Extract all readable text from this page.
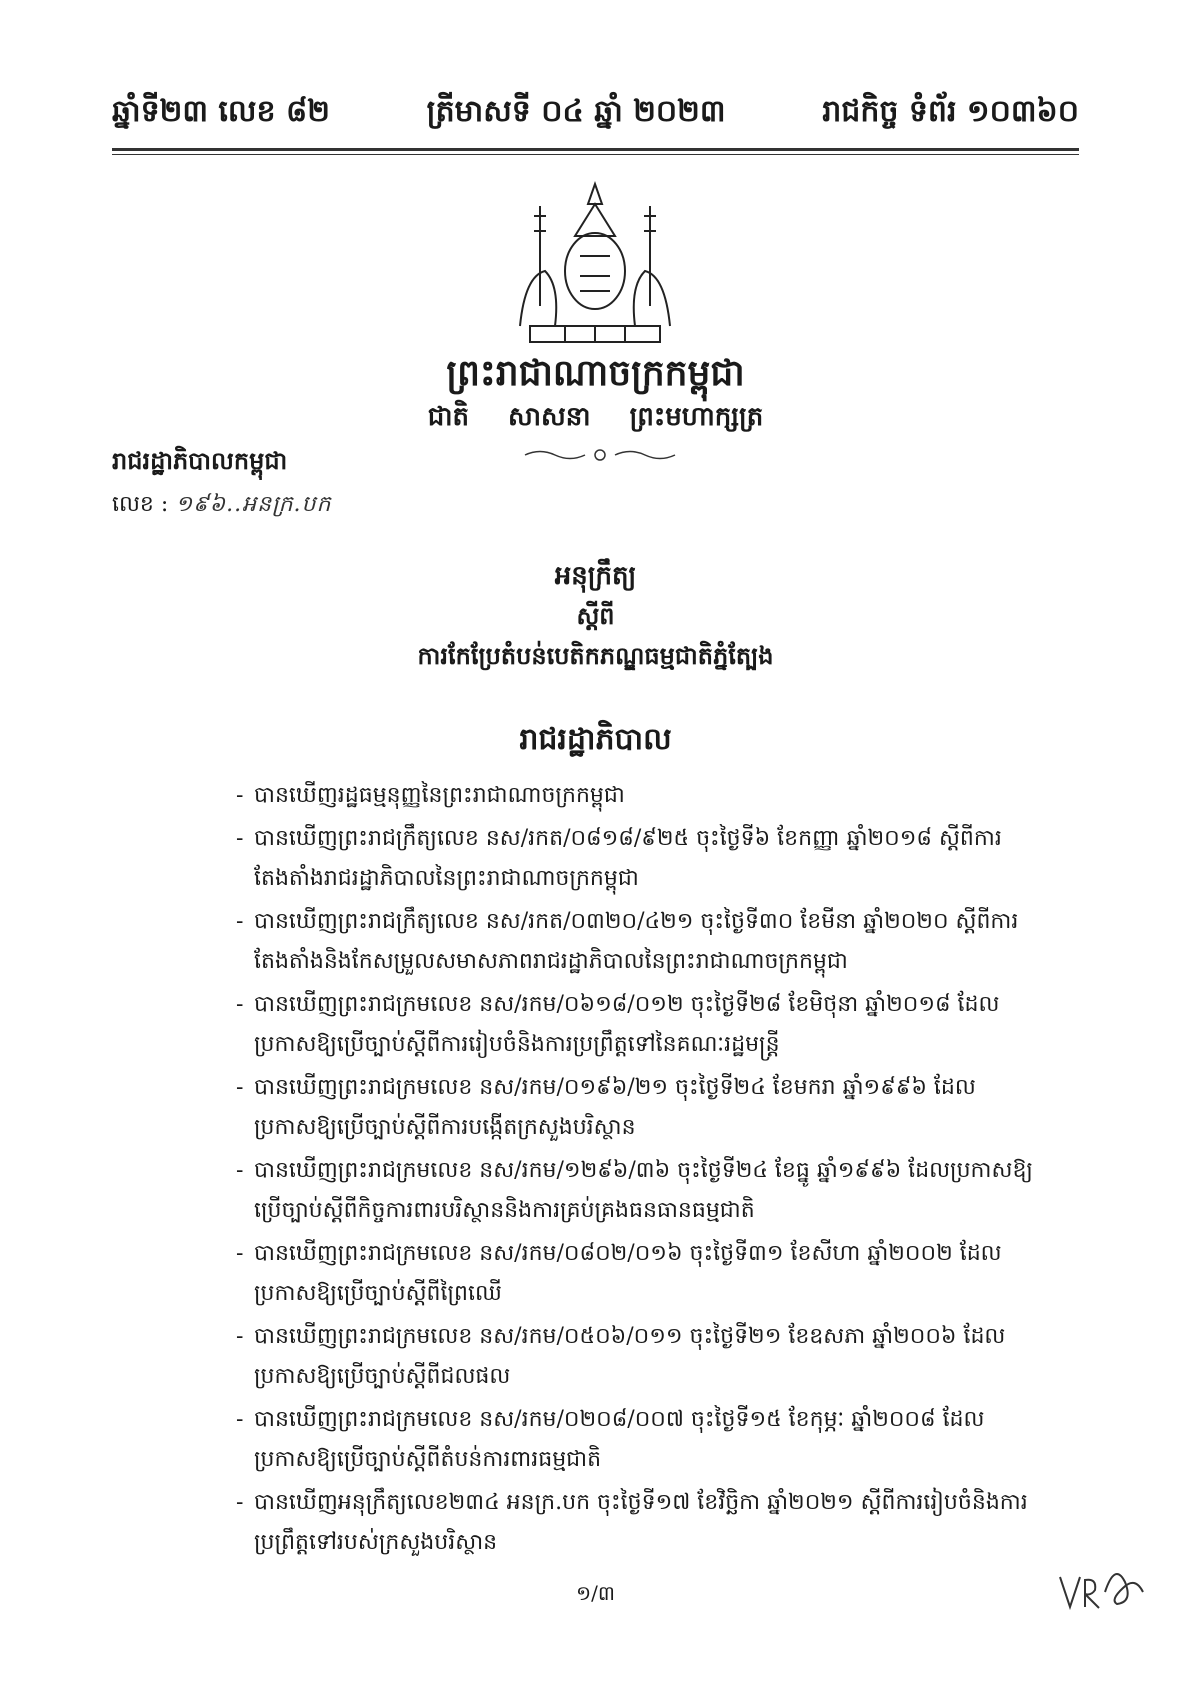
ឆ្នាំទី២៣ លេខ ៨២	ត្រីមាសទី ០៤ ឆ្នាំ ២០២៣	រាជកិច្ច ទំព័រ ១០៣៦០
ព្រះរាជាណាចក្រកម្ពុជា
ជាតិ សាសនា ព្រះមហាក្សត្រ
រាជរដ្ឋាភិបាលកម្ពុជា
លេខ : ១៩៦..អនក្រ.បក
អនុក្រឹត្យ
ស្តីពី
ការកែប្រែតំបន់បេតិកភណ្ឌធម្មជាតិភ្នំត្បែង
រាជរដ្ឋាភិបាល
- បានឃើញរដ្ឋធម្មនុញ្ញនៃព្រះរាជាណាចក្រកម្ពុជា
- បានឃើញព្រះរាជក្រឹត្យលេខ នស/រកត/០៨១៨/៩២៥ ចុះថ្ងៃទី៦ ខែកញ្ញា ឆ្នាំ២០១៨ ស្តីពីការតែងតាំងរាជរដ្ឋាភិបាលនៃព្រះរាជាណាចក្រកម្ពុជា
- បានឃើញព្រះរាជក្រឹត្យលេខ នស/រកត/០៣២០/៤២១ ចុះថ្ងៃទី៣០ ខែមីនា ឆ្នាំ២០២០ ស្តីពីការតែងតាំងនិងកែសម្រួលសមាសភាពរាជរដ្ឋាភិបាលនៃព្រះរាជាណាចក្រកម្ពុជា
- បានឃើញព្រះរាជក្រមលេខ នស/រកម/០៦១៨/០១២ ចុះថ្ងៃទី២៨ ខែមិថុនា ឆ្នាំ២០១៨ ដែលប្រកាសឱ្យប្រើច្បាប់ស្តីពីការរៀបចំនិងការប្រព្រឹត្តទៅនៃគណៈរដ្ឋមន្ត្រី
- បានឃើញព្រះរាជក្រមលេខ នស/រកម/០១៩៦/២១ ចុះថ្ងៃទី២៤ ខែមករា ឆ្នាំ១៩៩៦ ដែលប្រកាសឱ្យប្រើច្បាប់ស្តីពីការបង្កើតក្រសួងបរិស្ថាន
- បានឃើញព្រះរាជក្រមលេខ នស/រកម/១២៩៦/៣៦ ចុះថ្ងៃទី២៤ ខែធ្នូ ឆ្នាំ១៩៩៦ ដែលប្រកាសឱ្យប្រើច្បាប់ស្តីពីកិច្ចការពារបរិស្ថាននិងការគ្រប់គ្រងធនធានធម្មជាតិ
- បានឃើញព្រះរាជក្រមលេខ នស/រកម/០៨០២/០១៦ ចុះថ្ងៃទី៣១ ខែសីហា ឆ្នាំ២០០២ ដែលប្រកាសឱ្យប្រើច្បាប់ស្តីពីព្រៃឈើ
- បានឃើញព្រះរាជក្រមលេខ នស/រកម/០៥០៦/០១១ ចុះថ្ងៃទី២១ ខែឧសភា ឆ្នាំ២០០៦ ដែលប្រកាសឱ្យប្រើច្បាប់ស្តីពីជលផល
- បានឃើញព្រះរាជក្រមលេខ នស/រកម/០២០៨/០០៧ ចុះថ្ងៃទី១៥ ខែកុម្ភៈ ឆ្នាំ២០០៨ ដែលប្រកាសឱ្យប្រើច្បាប់ស្តីពីតំបន់ការពារធម្មជាតិ
- បានឃើញអនុក្រឹត្យលេខ២៣៤ អនក្រ.បក ចុះថ្ងៃទី១៧ ខែវិច្ឆិកា ឆ្នាំ២០២១ ស្តីពីការរៀបចំនិងការប្រព្រឹត្តទៅរបស់ក្រសួងបរិស្ថាន
១/៣
